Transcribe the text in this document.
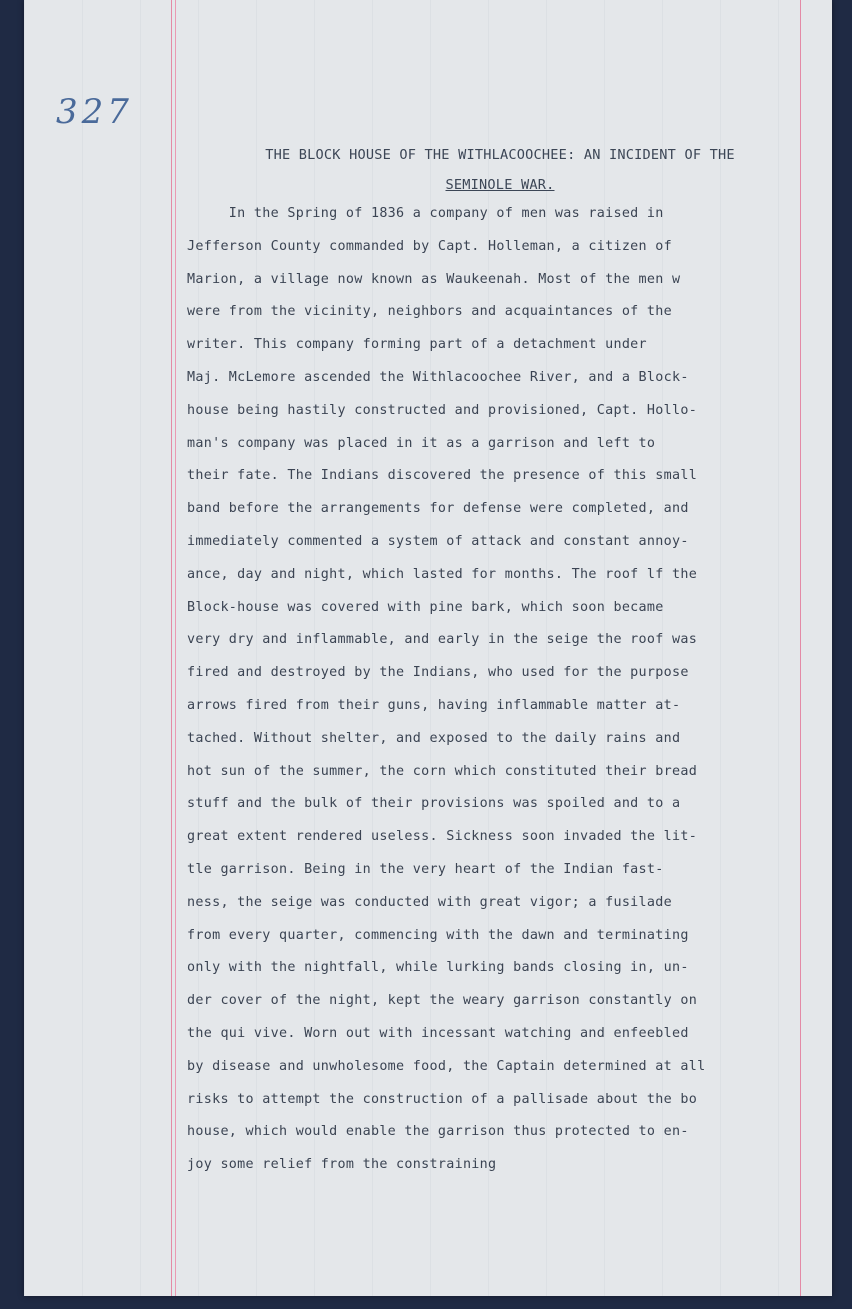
327
THE BLOCK HOUSE OF THE WITHLACOOCHEE: AN INCIDENT OF THE
SEMINOLE WAR.
In the Spring of 1836 a company of men was raised in
Jefferson County commanded by Capt. Holleman, a citizen of
Marion, a village now known as Waukeenah. Most of the men w
were from the vicinity, neighbors and acquaintances of the
writer. This company forming part of a detachment under
Maj. McLemore ascended the Withlacoochee River, and a Block-
house being hastily constructed and provisioned, Capt. Hollo-
man's company was placed in it as a garrison and left to
their fate. The Indians discovered the presence of this small
band before the arrangements for defense were completed, and
immediately commented a system of attack and constant annoy-
ance, day and night, which lasted for months. The roof lf the
Block-house was covered with pine bark, which soon became
very dry and inflammable, and early in the seige the roof was
fired and destroyed by the Indians, who used for the purpose
arrows fired from their guns, having inflammable matter at-
tached. Without shelter, and exposed to the daily rains and
hot sun of the summer, the corn which constituted their bread
stuff and the bulk of their provisions was spoiled and to a
great extent rendered useless. Sickness soon invaded the lit-
tle garrison. Being in the very heart of the Indian fast-
ness, the seige was conducted with great vigor; a fusilade
from every quarter, commencing with the dawn and terminating
only with the nightfall, while lurking bands closing in, un-
der cover of the night, kept the weary garrison constantly on
the qui vive. Worn out with incessant watching and enfeebled
by disease and unwholesome food, the Captain determined at all
risks to attempt the construction of a pallisade about the bo
house, which would enable the garrison thus protected to en-
joy some relief from the constraining
